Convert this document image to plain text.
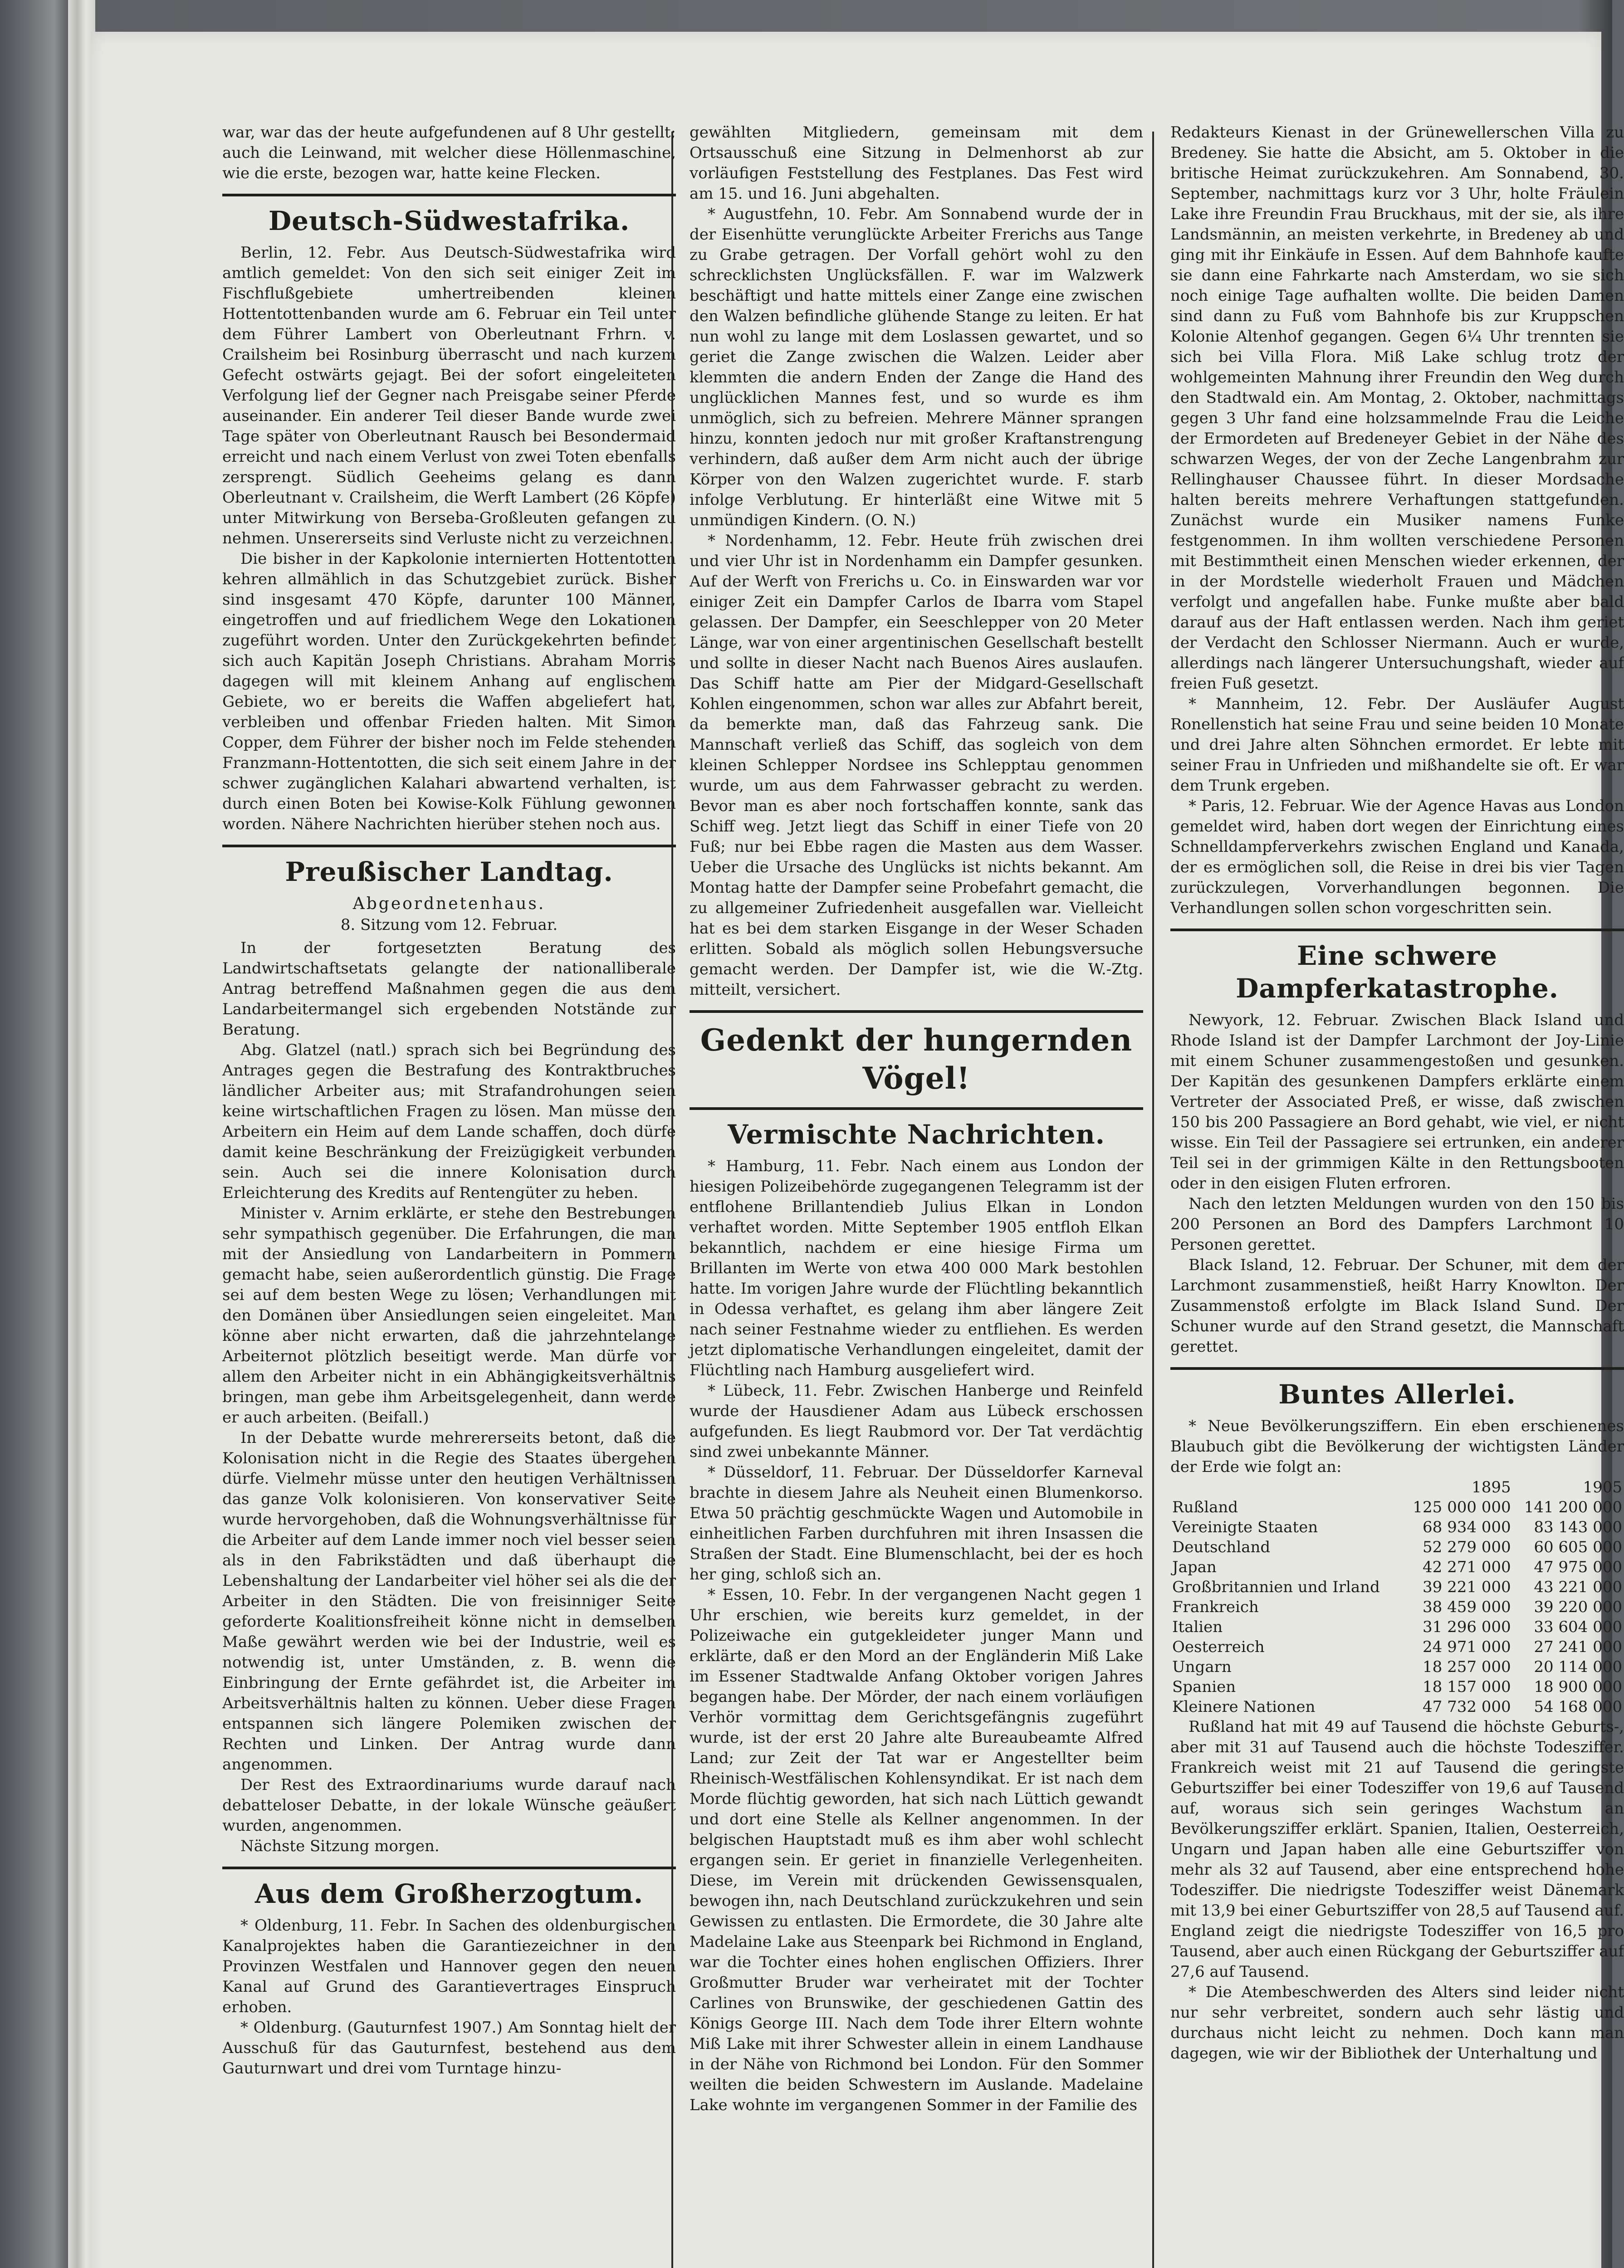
war, war das der heute aufgefundenen auf 8 Uhr gestellt; auch die Leinwand, mit welcher diese Höllenmaschine, wie die erste, bezogen war, hatte keine Flecken.

Deutsch-Südwestafrika.

Berlin, 12. Febr. Aus Deutsch-Südwestafrika wird amtlich gemeldet: Von den sich seit einiger Zeit im Fischflußgebiete umhertreibenden kleinen Hottentottenbanden wurde am 6. Februar ein Teil unter dem Führer Lambert von Oberleutnant Frhrn. v. Crailsheim bei Rosinburg überrascht und nach kurzem Gefecht ostwärts gejagt. Bei der sofort eingeleiteten Verfolgung lief der Gegner nach Preisgabe seiner Pferde auseinander. Ein anderer Teil dieser Bande wurde zwei Tage später von Oberleutnant Rausch bei Besondermaid erreicht und nach einem Verlust von zwei Toten ebenfalls zersprengt. Südlich Geeheims gelang es dann Oberleutnant v. Crailsheim, die Werft Lambert (26 Köpfe) unter Mitwirkung von Berseba-Großleuten gefangen zu nehmen. Unsererseits sind Verluste nicht zu verzeichnen.

Die bisher in der Kapkolonie internierten Hottentotten kehren allmählich in das Schutzgebiet zurück. Bisher sind insgesamt 470 Köpfe, darunter 100 Männer, eingetroffen und auf friedlichem Wege den Lokationen zugeführt worden. Unter den Zurückgekehrten befindet sich auch Kapitän Joseph Christians. Abraham Morris dagegen will mit kleinem Anhang auf englischem Gebiete, wo er bereits die Waffen abgeliefert hat, verbleiben und offenbar Frieden halten. Mit Simon Copper, dem Führer der bisher noch im Felde stehenden Franzmann-Hottentotten, die sich seit einem Jahre in der schwer zugänglichen Kalahari abwartend verhalten, ist durch einen Boten bei Kowise-Kolk Fühlung gewonnen worden. Nähere Nachrichten hierüber stehen noch aus.

Preußischer Landtag.
Abgeordnetenhaus.
8. Sitzung vom 12. Februar.

In der fortgesetzten Beratung des Landwirtschaftsetats gelangte der nationalliberale Antrag betreffend Maßnahmen gegen die aus dem Landarbeitermangel sich ergebenden Notstände zur Beratung.

Abg. Glatzel (natl.) sprach sich bei Begründung des Antrages gegen die Bestrafung des Kontraktbruches ländlicher Arbeiter aus; mit Strafandrohungen seien keine wirtschaftlichen Fragen zu lösen. Man müsse den Arbeitern ein Heim auf dem Lande schaffen, doch dürfe damit keine Beschränkung der Freizügigkeit verbunden sein. Auch sei die innere Kolonisation durch Erleichterung des Kredits auf Rentengüter zu heben.

Minister v. Arnim erklärte, er stehe den Bestrebungen sehr sympathisch gegenüber. Die Erfahrungen, die man mit der Ansiedlung von Landarbeitern in Pommern gemacht habe, seien außerordentlich günstig. Die Frage sei auf dem besten Wege zu lösen; Verhandlungen mit den Domänen über Ansiedlungen seien eingeleitet. Man könne aber nicht erwarten, daß die jahrzehntelange Arbeiternot plötzlich beseitigt werde. Man dürfe vor allem den Arbeiter nicht in ein Abhängigkeitsverhältnis bringen, man gebe ihm Arbeitsgelegenheit, dann werde er auch arbeiten. (Beifall.)

In der Debatte wurde mehrererseits betont, daß die Kolonisation nicht in die Regie des Staates übergehen dürfe. Vielmehr müsse unter den heutigen Verhältnissen das ganze Volk kolonisieren. Von konservativer Seite wurde hervorgehoben, daß die Wohnungsverhältnisse für die Arbeiter auf dem Lande immer noch viel besser seien als in den Fabrikstädten und daß überhaupt die Lebenshaltung der Landarbeiter viel höher sei als die der Arbeiter in den Städten. Die von freisinniger Seite geforderte Koalitionsfreiheit könne nicht in demselben Maße gewährt werden wie bei der Industrie, weil es notwendig ist, unter Umständen, z. B. wenn die Einbringung der Ernte gefährdet ist, die Arbeiter im Arbeitsverhältnis halten zu können. Ueber diese Fragen entspannen sich längere Polemiken zwischen der Rechten und Linken. Der Antrag wurde dann angenommen.

Der Rest des Extraordinariums wurde darauf nach debatteloser Debatte, in der lokale Wünsche geäußert wurden, angenommen.

Nächste Sitzung morgen.

Aus dem Großherzogtum.

* Oldenburg, 11. Febr. In Sachen des oldenburgischen Kanalprojektes haben die Garantiezeichner in den Provinzen Westfalen und Hannover gegen den neuen Kanal auf Grund des Garantievertrages Einspruch erhoben.

* Oldenburg. (Gauturnfest 1907.) Am Sonntag hielt der Ausschuß für das Gauturnfest, bestehend aus dem Gauturnwart und drei vom Turntage hinzu-

gewählten Mitgliedern, gemeinsam mit dem Ortsausschuß eine Sitzung in Delmenhorst ab zur vorläufigen Feststellung des Festplanes. Das Fest wird am 15. und 16. Juni abgehalten.

* Augustfehn, 10. Febr. Am Sonnabend wurde der in der Eisenhütte verunglückte Arbeiter Frerichs aus Tange zu Grabe getragen. Der Vorfall gehört wohl zu den schrecklichsten Unglücksfällen. F. war im Walzwerk beschäftigt und hatte mittels einer Zange eine zwischen den Walzen befindliche glühende Stange zu leiten. Er hat nun wohl zu lange mit dem Loslassen gewartet, und so geriet die Zange zwischen die Walzen. Leider aber klemmten die andern Enden der Zange die Hand des unglücklichen Mannes fest, und so wurde es ihm unmöglich, sich zu befreien. Mehrere Männer sprangen hinzu, konnten jedoch nur mit großer Kraftanstrengung verhindern, daß außer dem Arm nicht auch der übrige Körper von den Walzen zugerichtet wurde. F. starb infolge Verblutung. Er hinterläßt eine Witwe mit 5 unmündigen Kindern. (O. N.)

* Nordenhamm, 12. Febr. Heute früh zwischen drei und vier Uhr ist in Nordenhamm ein Dampfer gesunken. Auf der Werft von Frerichs u. Co. in Einswarden war vor einiger Zeit ein Dampfer Carlos de Ibarra vom Stapel gelassen. Der Dampfer, ein Seeschlepper von 20 Meter Länge, war von einer argentinischen Gesellschaft bestellt und sollte in dieser Nacht nach Buenos Aires auslaufen. Das Schiff hatte am Pier der Midgard-Gesellschaft Kohlen eingenommen, schon war alles zur Abfahrt bereit, da bemerkte man, daß das Fahrzeug sank. Die Mannschaft verließ das Schiff, das sogleich von dem kleinen Schlepper Nordsee ins Schlepptau genommen wurde, um aus dem Fahrwasser gebracht zu werden. Bevor man es aber noch fortschaffen konnte, sank das Schiff weg. Jetzt liegt das Schiff in einer Tiefe von 20 Fuß; nur bei Ebbe ragen die Masten aus dem Wasser. Ueber die Ursache des Unglücks ist nichts bekannt. Am Montag hatte der Dampfer seine Probefahrt gemacht, die zu allgemeiner Zufriedenheit ausgefallen war. Vielleicht hat es bei dem starken Eisgange in der Weser Schaden erlitten. Sobald als möglich sollen Hebungsversuche gemacht werden. Der Dampfer ist, wie die W.-Ztg. mitteilt, versichert.

Gedenkt der hungernden Vögel!
Vermischte Nachrichten.

* Hamburg, 11. Febr. Nach einem aus London der hiesigen Polizeibehörde zugegangenen Telegramm ist der entflohene Brillantendieb Julius Elkan in London verhaftet worden. Mitte September 1905 entfloh Elkan bekanntlich, nachdem er eine hiesige Firma um Brillanten im Werte von etwa 400 000 Mark bestohlen hatte. Im vorigen Jahre wurde der Flüchtling bekanntlich in Odessa verhaftet, es gelang ihm aber längere Zeit nach seiner Festnahme wieder zu entfliehen. Es werden jetzt diplomatische Verhandlungen eingeleitet, damit der Flüchtling nach Hamburg ausgeliefert wird.

* Lübeck, 11. Febr. Zwischen Hanberge und Reinfeld wurde der Hausdiener Adam aus Lübeck erschossen aufgefunden. Es liegt Raubmord vor. Der Tat verdächtig sind zwei unbekannte Männer.

* Düsseldorf, 11. Februar. Der Düsseldorfer Karneval brachte in diesem Jahre als Neuheit einen Blumenkorso. Etwa 50 prächtig geschmückte Wagen und Automobile in einheitlichen Farben durchfuhren mit ihren Insassen die Straßen der Stadt. Eine Blumenschlacht, bei der es hoch her ging, schloß sich an.

* Essen, 10. Febr. In der vergangenen Nacht gegen 1 Uhr erschien, wie bereits kurz gemeldet, in der Polizeiwache ein gutgekleideter junger Mann und erklärte, daß er den Mord an der Engländerin Miß Lake im Essener Stadtwalde Anfang Oktober vorigen Jahres begangen habe. Der Mörder, der nach einem vorläufigen Verhör vormittag dem Gerichtsgefängnis zugeführt wurde, ist der erst 20 Jahre alte Bureaubeamte Alfred Land; zur Zeit der Tat war er Angestellter beim Rheinisch-Westfälischen Kohlensyndikat. Er ist nach dem Morde flüchtig geworden, hat sich nach Lüttich gewandt und dort eine Stelle als Kellner angenommen. In der belgischen Hauptstadt muß es ihm aber wohl schlecht ergangen sein. Er geriet in finanzielle Verlegenheiten. Diese, im Verein mit drückenden Gewissensqualen, bewogen ihn, nach Deutschland zurückzukehren und sein Gewissen zu entlasten. Die Ermordete, die 30 Jahre alte Madelaine Lake aus Steenpark bei Richmond in England, war die Tochter eines hohen englischen Offiziers. Ihrer Großmutter Bruder war verheiratet mit der Tochter Carlines von Brunswike, der geschiedenen Gattin des Königs George III. Nach dem Tode ihrer Eltern wohnte Miß Lake mit ihrer Schwester allein in einem Landhause in der Nähe von Richmond bei London. Für den Sommer weilten die beiden Schwestern im Auslande. Madelaine Lake wohnte im vergangenen Sommer in der Familie des

Redakteurs Kienast in der Grünewellerschen Villa zu Bredeney. Sie hatte die Absicht, am 5. Oktober in die britische Heimat zurückzukehren. Am Sonnabend, 30. September, nachmittags kurz vor 3 Uhr, holte Fräulein Lake ihre Freundin Frau Bruckhaus, mit der sie, als ihre Landsmännin, an meisten verkehrte, in Bredeney ab und ging mit ihr Einkäufe in Essen. Auf dem Bahnhofe kaufte sie dann eine Fahrkarte nach Amsterdam, wo sie sich noch einige Tage aufhalten wollte. Die beiden Damen sind dann zu Fuß vom Bahnhofe bis zur Kruppschen Kolonie Altenhof gegangen. Gegen 6¼ Uhr trennten sie sich bei Villa Flora. Miß Lake schlug trotz der wohlgemeinten Mahnung ihrer Freundin den Weg durch den Stadtwald ein. Am Montag, 2. Oktober, nachmittags gegen 3 Uhr fand eine holzsammelnde Frau die Leiche der Ermordeten auf Bredeneyer Gebiet in der Nähe des schwarzen Weges, der von der Zeche Langenbrahm zur Rellinghauser Chaussee führt. In dieser Mordsache halten bereits mehrere Verhaftungen stattgefunden. Zunächst wurde ein Musiker namens Funke festgenommen. In ihm wollten verschiedene Personen mit Bestimmtheit einen Menschen wieder erkennen, der in der Mordstelle wiederholt Frauen und Mädchen verfolgt und angefallen habe. Funke mußte aber bald darauf aus der Haft entlassen werden. Nach ihm geriet der Verdacht den Schlosser Niermann. Auch er wurde, allerdings nach längerer Untersuchungshaft, wieder auf freien Fuß gesetzt.

* Mannheim, 12. Febr. Der Ausläufer August Ronellenstich hat seine Frau und seine beiden 10 Monate und drei Jahre alten Söhnchen ermordet. Er lebte mit seiner Frau in Unfrieden und mißhandelte sie oft. Er war dem Trunk ergeben.

* Paris, 12. Februar. Wie der Agence Havas aus London gemeldet wird, haben dort wegen der Einrichtung eines Schnelldampferverkehrs zwischen England und Kanada, der es ermöglichen soll, die Reise in drei bis vier Tagen zurückzulegen, Vorverhandlungen begonnen. Die Verhandlungen sollen schon vorgeschritten sein.

Eine schwere Dampferkatastrophe.

Newyork, 12. Februar. Zwischen Black Island und Rhode Island ist der Dampfer Larchmont der Joy-Linie mit einem Schuner zusammengestoßen und gesunken. Der Kapitän des gesunkenen Dampfers erklärte einem Vertreter der Associated Preß, er wisse, daß zwischen 150 bis 200 Passagiere an Bord gehabt, wie viel, er nicht wisse. Ein Teil der Passagiere sei ertrunken, ein anderer Teil sei in der grimmigen Kälte in den Rettungsbooten oder in den eisigen Fluten erfroren.

Nach den letzten Meldungen wurden von den 150 bis 200 Personen an Bord des Dampfers Larchmont 10 Personen gerettet.

Black Island, 12. Februar. Der Schuner, mit dem der Larchmont zusammenstieß, heißt Harry Knowlton. Der Zusammenstoß erfolgte im Black Island Sund. Der Schuner wurde auf den Strand gesetzt, die Mannschaft gerettet.

Buntes Allerlei.

* Neue Bevölkerungsziffern. Ein eben erschienenes Blaubuch gibt die Bevölkerung der wichtigsten Länder der Erde wie folgt an:

	1895	1905
Rußland	125 000 000	141 200 000
Vereinigte Staaten	68 934 000	83 143 000
Deutschland	52 279 000	60 605 000
Japan	42 271 000	47 975 000
Großbritannien und Irland	39 221 000	43 221 000
Frankreich	38 459 000	39 220 000
Italien	31 296 000	33 604 000
Oesterreich	24 971 000	27 241 000
Ungarn	18 257 000	20 114 000
Spanien	18 157 000	18 900 000
Kleinere Nationen	47 732 000	54 168 000

Rußland hat mit 49 auf Tausend die höchste Geburts-, aber mit 31 auf Tausend auch die höchste Todesziffer. Frankreich weist mit 21 auf Tausend die geringste Geburtsziffer bei einer Todesziffer von 19,6 auf Tausend auf, woraus sich sein geringes Wachstum an Bevölkerungsziffer erklärt. Spanien, Italien, Oesterreich, Ungarn und Japan haben alle eine Geburtsziffer von mehr als 32 auf Tausend, aber eine entsprechend hohe Todesziffer. Die niedrigste Todesziffer weist Dänemark mit 13,9 bei einer Geburtsziffer von 28,5 auf Tausend auf. England zeigt die niedrigste Todesziffer von 16,5 pro Tausend, aber auch einen Rückgang der Geburtsziffer auf 27,6 auf Tausend.

* Die Atembeschwerden des Alters sind leider nicht nur sehr verbreitet, sondern auch sehr lästig und durchaus nicht leicht zu nehmen. Doch kann man dagegen, wie wir der Bibliothek der Unterhaltung und
